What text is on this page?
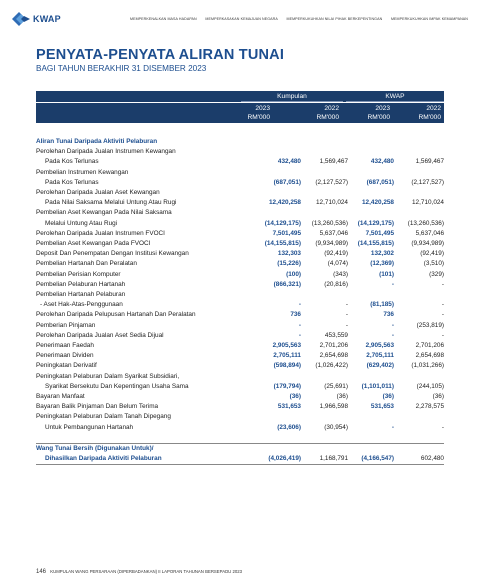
KWAP	MEMPERKENALKAN MASA HADAPAN MEMPERKASAKAN KEMAJUAN NEGARA MEMPERKUKUHKAN NILAI PIHAK BERKEPENTINGAN MEMPERKUKUHKAN IMPAK KEMAMPANAN
PENYATA-PENYATA ALIRAN TUNAI
BAGI TAHUN BERAKHIR 31 DISEMBER 2023
Kumpulan	KWAP
2023	2022	2023	2022
RM'000	RM'000	RM'000	RM'000
Aliran Tunai Daripada Aktiviti Pelaburan				
Perolehan Daripada Jualan Instrumen Kewangan				
Pada Kos Terlunas	432,480	1,569,467	432,480	1,569,467
Pembelian Instrumen Kewangan				
Pada Kos Terlunas	(687,051)	(2,127,527)	(687,051)	(2,127,527)
Perolehan Daripada Jualan Aset Kewangan				
Pada Nilai Saksama Melalui Untung Atau Rugi	12,420,258	12,710,024	12,420,258	12,710,024
Pembelian Aset Kewangan Pada Nilai Saksama				
Melalui Untung Atau Rugi	(14,129,175)	(13,260,536)	(14,129,175)	(13,260,536)
Perolehan Daripada Jualan Instrumen FVOCI	7,501,495	5,637,046	7,501,495	5,637,046
Pembelian Aset Kewangan Pada FVOCI	(14,155,815)	(9,934,989)	(14,155,815)	(9,934,989)
Deposit Dan Penempatan Dengan Institusi Kewangan	132,303	(92,419)	132,302	(92,419)
Pembelian Hartanah Dan Peralatan	(15,226)	(4,074)	(12,369)	(3,510)
Pembelian Perisian Komputer	(100)	(343)	(101)	(329)
Pembelian Pelaburan Hartanah	(866,321)	(20,816)	-	-
Pembelian Hartanah Pelaburan				
- Aset Hak-Atas-Penggunaan	-	-	(81,185)	-
Perolehan Daripada Pelupusan Hartanah Dan Peralatan	736	-	736	-
Pemberian Pinjaman	-	-	-	(253,819)
Perolehan Daripada Jualan Aset Sedia Dijual	-	453,559	-	-
Penerimaan Faedah	2,905,563	2,701,206	2,905,563	2,701,206
Penerimaan Dividen	2,705,111	2,654,698	2,705,111	2,654,698
Peningkatan Derivatif	(598,894)	(1,026,422)	(629,402)	(1,031,266)
Peningkatan Pelaburan Dalam Syarikat Subsidiari,				
Syarikat Bersekutu Dan Kepentingan Usaha Sama	(179,794)	(25,691)	(1,101,011)	(244,105)
Bayaran Manfaat	(36)	(36)	(36)	(36)
Bayaran Balik Pinjaman Dan Belum Terima	531,653	1,966,598	531,653	2,278,575
Peningkatan Pelaburan Dalam Tanah Dipegang				
Untuk Pembangunan Hartanah	(23,606)	(30,954)	-	-

Wang Tunai Bersih (Digunakan Untuk)/				
Dihasilkan Daripada Aktiviti Pelaburan	(4,026,419)	1,168,791	(4,166,547)	602,480
146 KUMPULAN WANG PERSARAAN (DIPERBADANKAN) II LAPORAN TAHUNAN BERSEPADU 2023
